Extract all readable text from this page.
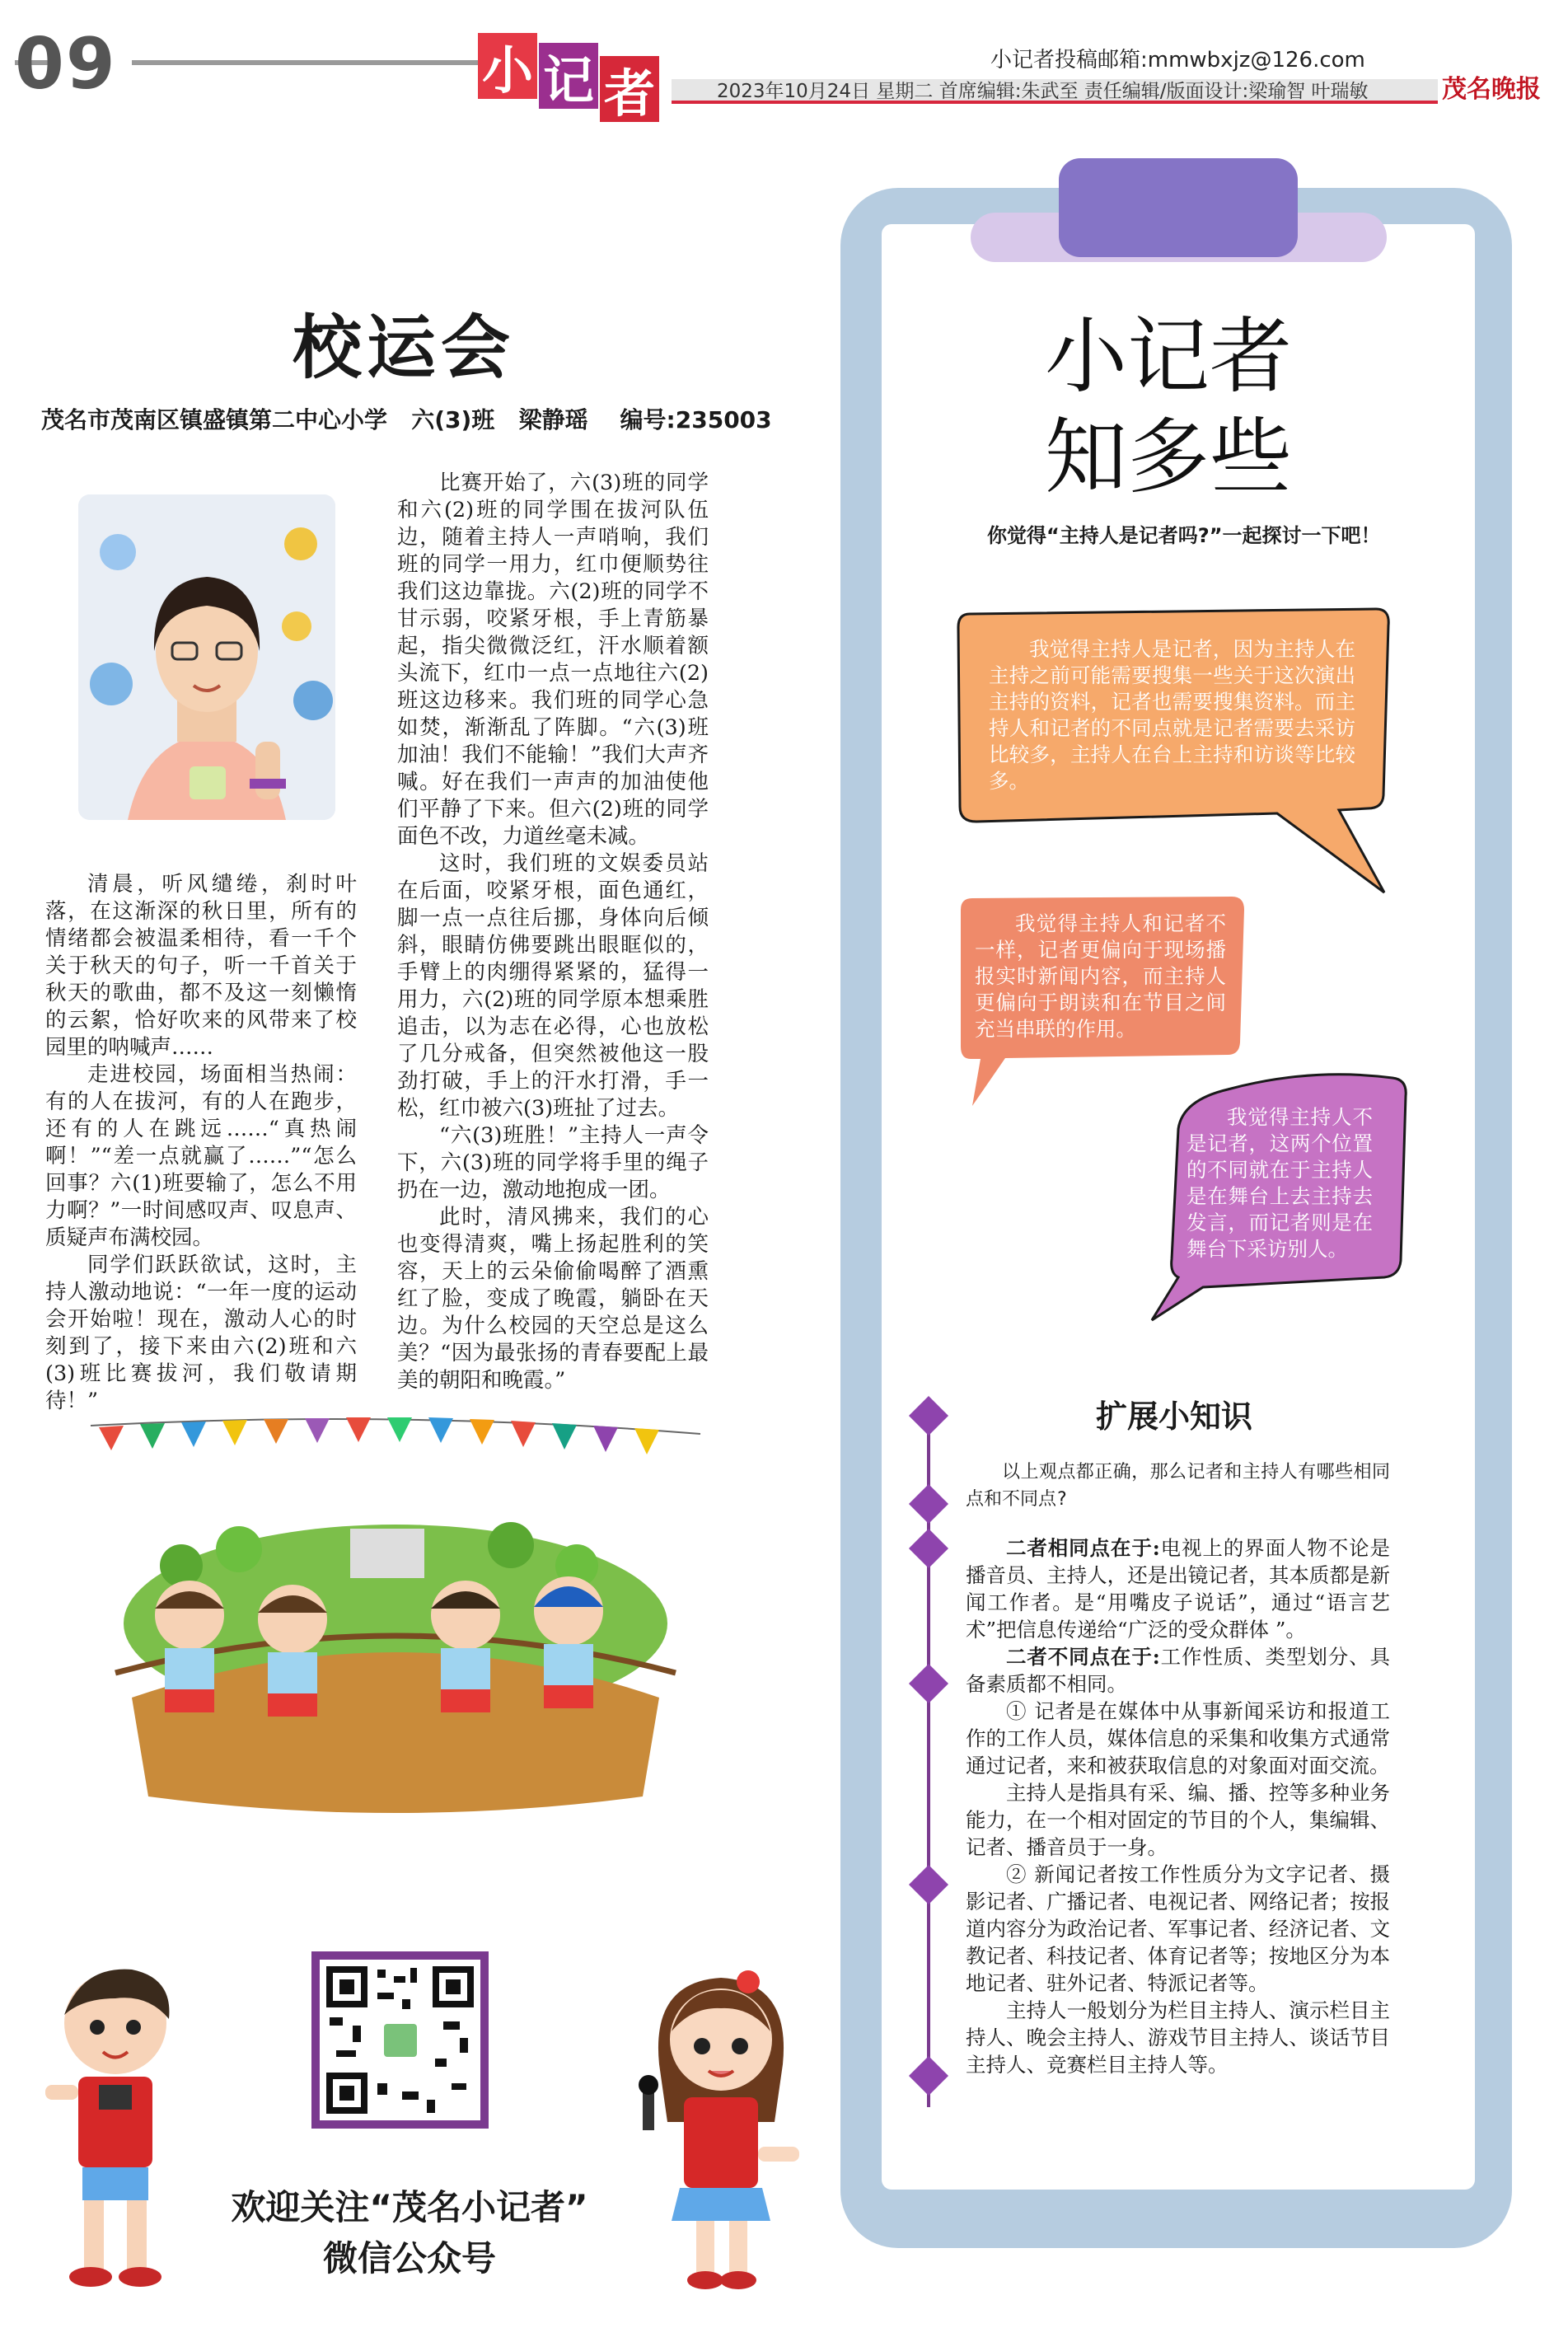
09	小 记 者
小记者投稿邮箱:mmwbxjz@126.com
2023年10月24日 星期二 首席编辑:朱武至 责任编辑/版面设计:梁瑜智 叶瑞敏	茂名晚报
校运会
茂名市茂南区镇盛镇第二中心小学   六(3)班   梁静瑶    编号:235003

清晨，听风缱绻，刹时叶落，在这渐深的秋日里，所有的情绪都会被温柔相待，看一千个关于秋天的句子，听一千首关于秋天的歌曲，都不及这一刻懒惰的云絮，恰好吹来的风带来了校园里的呐喊声……

走进校园，场面相当热闹：有的人在拔河，有的人在跑步，还有的人在跳远……“真热闹啊！”“差一点就赢了……”“怎么回事？六(1)班要输了，怎么不用力啊？”一时间感叹声、叹息声、质疑声布满校园。

同学们跃跃欲试，这时，主持人激动地说：“一年一度的运动会开始啦！现在，激动人心的时刻到了，接下来由六(2)班和六(3)班比赛拔河，我们敬请期待！”

比赛开始了，六(3)班的同学和六(2)班的同学围在拔河队伍边，随着主持人一声哨响，我们班的同学一用力，红巾便顺势往我们这边靠拢。六(2)班的同学不甘示弱，咬紧牙根，手上青筋暴起，指尖微微泛红，汗水顺着额头流下，红巾一点一点地往六(2)班这边移来。我们班的同学心急如焚，渐渐乱了阵脚。“六(3)班加油！我们不能输！”我们大声齐喊。好在我们一声声的加油使他们平静了下来。但六(2)班的同学面色不改，力道丝毫未减。

这时，我们班的文娱委员站在后面，咬紧牙根，面色通红，脚一点一点往后挪，身体向后倾斜，眼睛仿佛要跳出眼眶似的，手臂上的肉绷得紧紧的，猛得一用力，六(2)班的同学原本想乘胜追击，以为志在必得，心也放松了几分戒备，但突然被他这一股劲打破，手上的汗水打滑，手一松，红巾被六(3)班扯了过去。

“六(3)班胜！”主持人一声令下，六(3)班的同学将手里的绳子扔在一边，激动地抱成一团。

此时，清风拂来，我们的心也变得清爽，嘴上扬起胜利的笑容，天上的云朵偷偷喝醉了酒熏红了脸，变成了晚霞，躺卧在天边。为什么校园的天空总是这么美？“因为最张扬的青春要配上最美的朝阳和晚霞。”

欢迎关注“茂名小记者”
微信公众号
小记者
知多些
你觉得“主持人是记者吗?”一起探讨一下吧！

我觉得主持人是记者，因为主持人在主持之前可能需要搜集一些关于这次演出主持的资料，记者也需要搜集资料。而主持人和记者的不同点就是记者需要去采访比较多，主持人在台上主持和访谈等比较多。

我觉得主持人和记者不一样，记者更偏向于现场播报实时新闻内容，而主持人更偏向于朗读和在节目之间充当串联的作用。

我觉得主持人不是记者，这两个位置的不同就在于主持人是在舞台上去主持去发言，而记者则是在舞台下采访别人。

扩展小知识

以上观点都正确，那么记者和主持人有哪些相同点和不同点?

二者相同点在于:电视上的界面人物不论是播音员、主持人，还是出镜记者，其本质都是新闻工作者。是“用嘴皮子说话”，通过“语言艺术”把信息传递给“广泛的受众群体 ”。

二者不同点在于:工作性质、类型划分、具备素质都不相同。

① 记者是在媒体中从事新闻采访和报道工作的工作人员，媒体信息的采集和收集方式通常通过记者，来和被获取信息的对象面对面交流。

主持人是指具有采、编、播、控等多种业务能力，在一个相对固定的节目的个人，集编辑、记者、播音员于一身。

② 新闻记者按工作性质分为文字记者、摄影记者、广播记者、电视记者、网络记者；按报道内容分为政治记者、军事记者、经济记者、文教记者、科技记者、体育记者等；按地区分为本地记者、驻外记者、特派记者等。

主持人一般划分为栏目主持人、演示栏目主持人、晚会主持人、游戏节目主持人、谈话节目主持人、竞赛栏目主持人等。
